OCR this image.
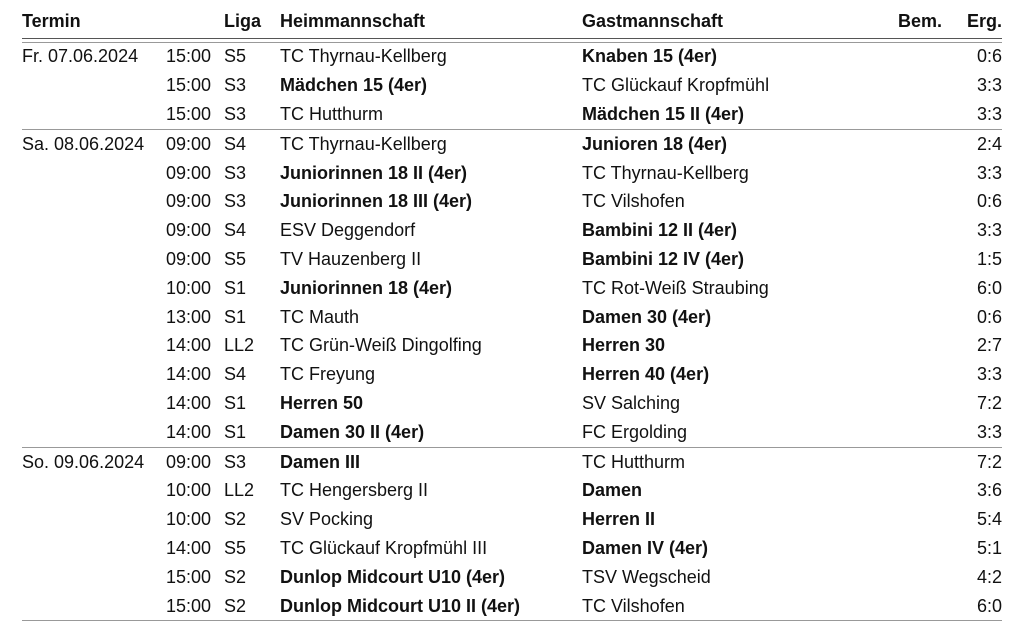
Termin		Liga	Heimmannschaft	Gastmannschaft	Bem.	Erg.

Fr. 07.06.2024	15:00	S5	TC Thyrnau-Kellberg	Knaben 15 (4er)		0:6
	15:00	S3	Mädchen 15 (4er)	TC Glückauf Kropfmühl		3:3
	15:00	S3	TC Hutthurm	Mädchen 15 II (4er)		3:3
Sa. 08.06.2024	09:00	S4	TC Thyrnau-Kellberg	Junioren 18 (4er)		2:4
	09:00	S3	Juniorinnen 18 II (4er)	TC Thyrnau-Kellberg		3:3
	09:00	S3	Juniorinnen 18 III (4er)	TC Vilshofen		0:6
	09:00	S4	ESV Deggendorf	Bambini 12 II (4er)		3:3
	09:00	S5	TV Hauzenberg II	Bambini 12 IV (4er)		1:5
	10:00	S1	Juniorinnen 18 (4er)	TC Rot-Weiß Straubing		6:0
	13:00	S1	TC Mauth	Damen 30 (4er)		0:6
	14:00	LL2	TC Grün-Weiß Dingolfing	Herren 30		2:7
	14:00	S4	TC Freyung	Herren 40 (4er)		3:3
	14:00	S1	Herren 50	SV Salching		7:2
	14:00	S1	Damen 30 II (4er)	FC Ergolding		3:3
So. 09.06.2024	09:00	S3	Damen III	TC Hutthurm		7:2
	10:00	LL2	TC Hengersberg II	Damen		3:6
	10:00	S2	SV Pocking	Herren II		5:4
	14:00	S5	TC Glückauf Kropfmühl III	Damen IV (4er)		5:1
	15:00	S2	Dunlop Midcourt U10 (4er)	TSV Wegscheid		4:2
	15:00	S2	Dunlop Midcourt U10 II (4er)	TC Vilshofen		6:0
